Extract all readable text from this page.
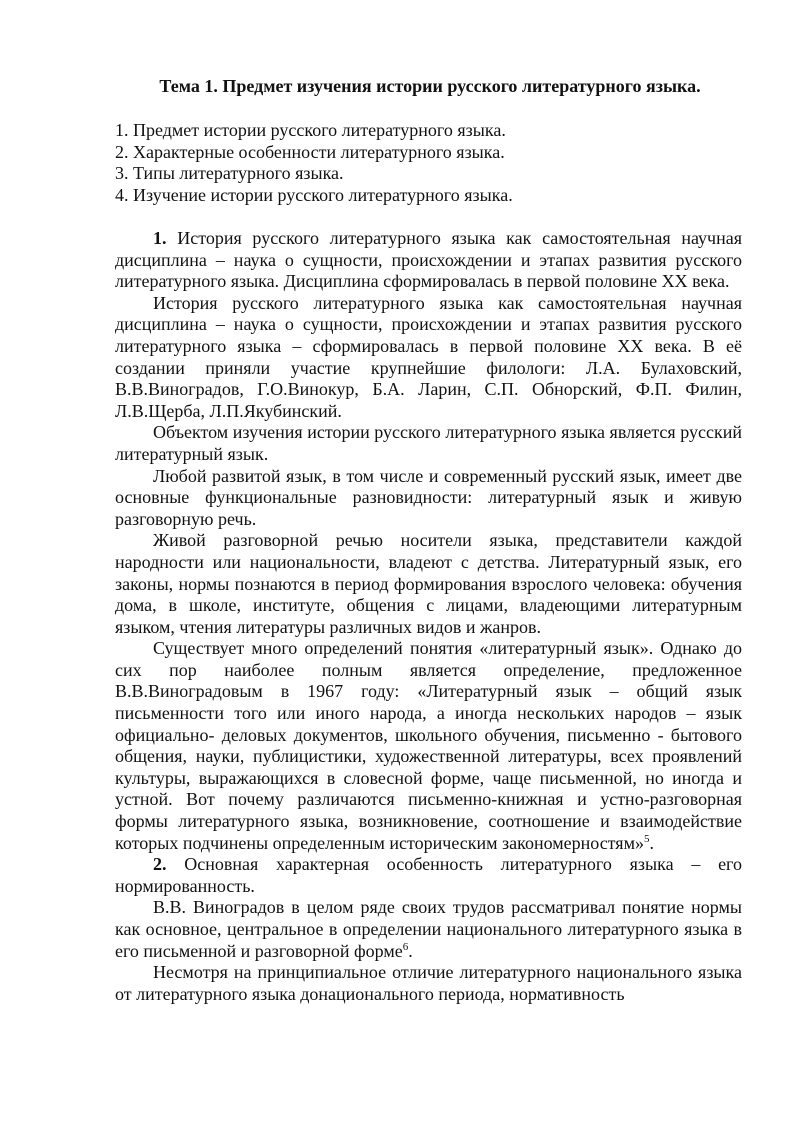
Тема 1. Предмет изучения истории русского литературного языка.
1. Предмет истории русского литературного языка.
2. Характерные особенности литературного языка.
3. Типы литературного языка.
4. Изучение истории русского литературного языка.

1. История русского литературного языка как самостоятельная научная дисциплина – наука о сущности, происхождении и этапах развития русского литературного языка. Дисциплина сформировалась в первой половине XX века.

История русского литературного языка как самостоятельная научная дисциплина – наука о сущности, происхождении и этапах развития русского литературного языка – сформировалась в первой половине XX века. В её создании приняли участие крупнейшие филологи: Л.А. Булаховский, В.В.Виноградов, Г.О.Винокур, Б.А. Ларин, С.П. Обнорский, Ф.П. Филин, Л.В.Щерба, Л.П.Якубинский.

Объектом изучения истории русского литературного языка является русский литературный язык.

Любой развитой язык, в том числе и современный русский язык, имеет две основные функциональные разновидности: литературный язык и живую разговорную речь.

Живой разговорной речью носители языка, представители каждой народности или национальности, владеют с детства. Литературный язык, его законы, нормы познаются в период формирования взрослого человека: обучения дома, в школе, институте, общения с лицами, владеющими литературным языком, чтения литературы различных видов и жанров.

Существует много определений понятия «литературный язык». Однако до сих пор наиболее полным является определение, предложенное В.В.Виноградовым в 1967 году: «Литературный язык – общий язык письменности того или иного народа, а иногда нескольких народов – язык официально- деловых документов, школьного обучения, письменно - бытового общения, науки, публицистики, художественной литературы, всех проявлений культуры, выражающихся в словесной форме, чаще письменной, но иногда и устной. Вот почему различаются письменно-книжная и устно-разговорная формы литературного языка, возникновение, соотношение и взаимодействие которых подчинены определенным историческим закономерностям»$^5$.

2. Основная характерная особенность литературного языка – его нормированность.

В.В. Виноградов в целом ряде своих трудов рассматривал понятие нормы как основное, центральное в определении национального литературного языка в его письменной и разговорной форме$^6$.

Несмотря на принципиальное отличие литературного национального языка от литературного языка донационального периода, нормативность
